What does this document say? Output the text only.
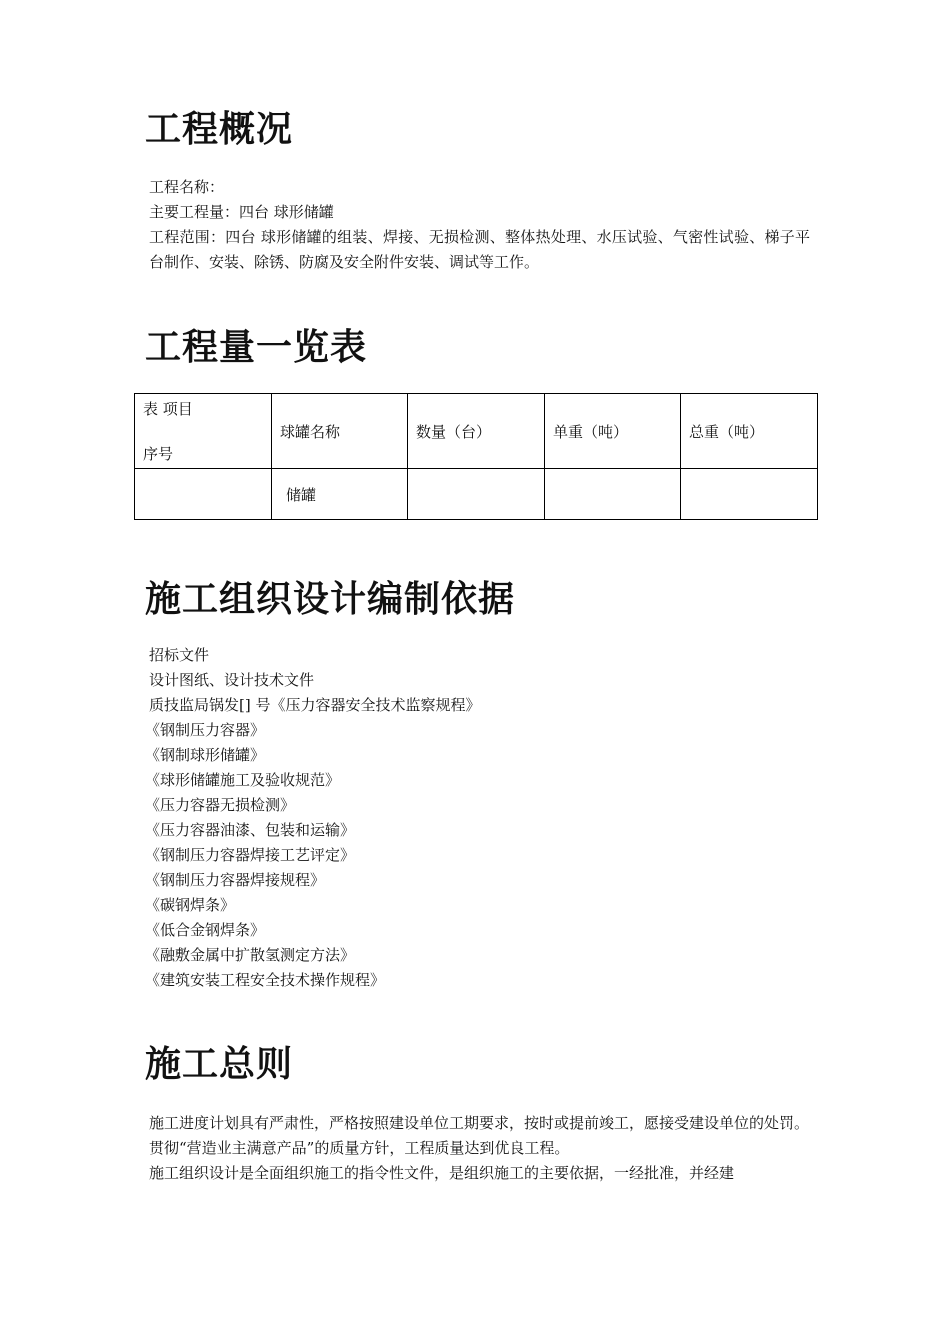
工程概况

工程名称：

主要工程量：四台 球形储罐

工程范围：四台 球形储罐的组装、焊接、无损检测、整体热处理、水压试验、气密性试验、梯子平台制作、安装、除锈、防腐及安全附件安装、调试等工作。

工程量一览表
表 项目
序号	球罐名称	数量（台）	单重（吨）	总重（吨）
	储罐			
施工组织设计编制依据
招标文件
设计图纸、设计技术文件
质技监局锅发[] 号《压力容器安全技术监察规程》
《钢制压力容器》
《钢制球形储罐》
《球形储罐施工及验收规范》
《压力容器无损检测》
《压力容器油漆、包装和运输》
《钢制压力容器焊接工艺评定》
《钢制压力容器焊接规程》
《碳钢焊条》
《低合金钢焊条》
《融敷金属中扩散氢测定方法》
《建筑安装工程安全技术操作规程》
施工总则

施工进度计划具有严肃性，严格按照建设单位工期要求，按时或提前竣工，愿接受建设单位的处罚。

贯彻“营造业主满意产品”的质量方针，工程质量达到优良工程。

施工组织设计是全面组织施工的指令性文件，是组织施工的主要依据，一经批准，并经建
